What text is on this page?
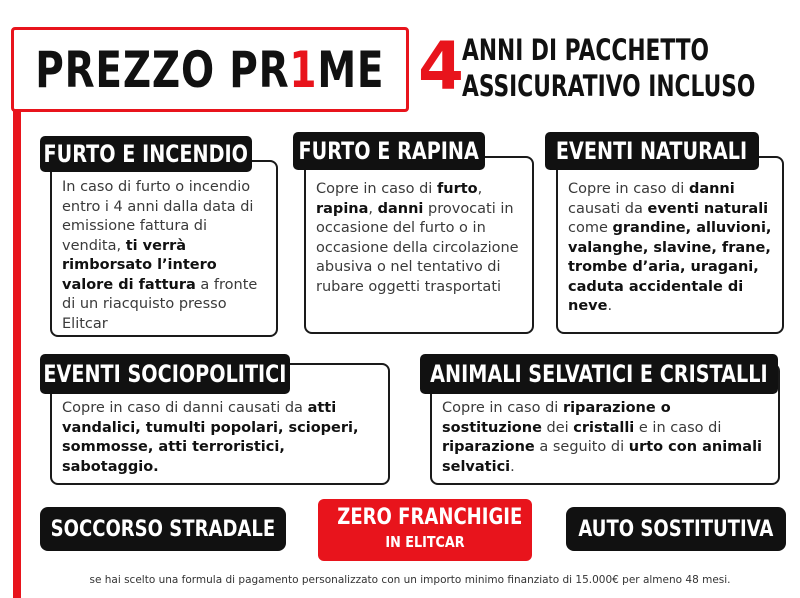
PREZZO PR1ME 4
ANNI DI PACCHETTO
ASSICURATIVO INCLUSO
In caso di furto o incendio entro i 4 anni dalla data di emissione fattura di vendita, ti verrà rimborsato l’intero valore di fattura a fronte di un riacquisto presso Elitcar
FURTO E INCENDIO
Copre in caso di furto, rapina, danni provocati in occasione del furto o in occasione della circolazione abusiva o nel tentativo di rubare oggetti trasportati
FURTO E RAPINA
Copre in caso di danni causati da eventi naturali come grandine, alluvioni, valanghe, slavine, frane, trombe d’aria, uragani, caduta accidentale di neve.
EVENTI NATURALI
Copre in caso di danni causati da atti vandalici, tumulti popolari, scioperi, sommosse, atti terroristici, sabotaggio.
EVENTI SOCIOPOLITICI
Copre in caso di riparazione o sostituzione dei cristalli e in caso di riparazione a seguito di urto con animali selvatici.
ANIMALI SELVATICI E CRISTALLI
SOCCORSO STRADALE	ZERO FRANCHIGIE
IN ELITCAR
AUTO SOSTITUTIVA
se hai scelto una formula di pagamento personalizzato con un importo minimo finanziato di 15.000€ per almeno 48 mesi.
